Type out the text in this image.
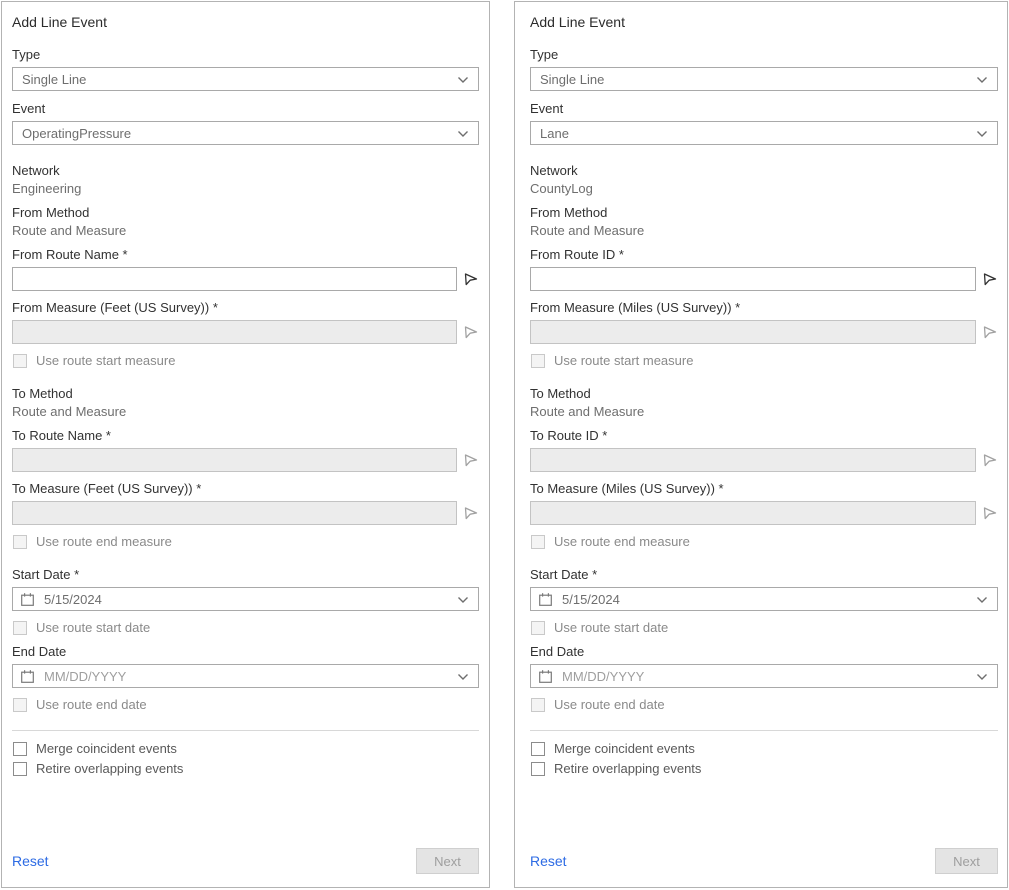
Add Line Event
Type
Single Line
Event
OperatingPressure
Network
Engineering
From Method
Route and Measure
From Route Name *
From Measure (Feet (US Survey)) *
Use route start measure
To Method
Route and Measure
To Route Name *
To Measure (Feet (US Survey)) *
Use route end measure
Start Date *
5/15/2024
Use route start date
End Date
MM/DD/YYYY
Use route end date
Merge coincident events
Retire overlapping events
Reset	Next
Add Line Event
Type
Single Line
Event
Lane
Network
CountyLog
From Method
Route and Measure
From Route ID *
From Measure (Miles (US Survey)) *
Use route start measure
To Method
Route and Measure
To Route ID *
To Measure (Miles (US Survey)) *
Use route end measure
Start Date *
5/15/2024
Use route start date
End Date
MM/DD/YYYY
Use route end date
Merge coincident events
Retire overlapping events
Reset	Next
